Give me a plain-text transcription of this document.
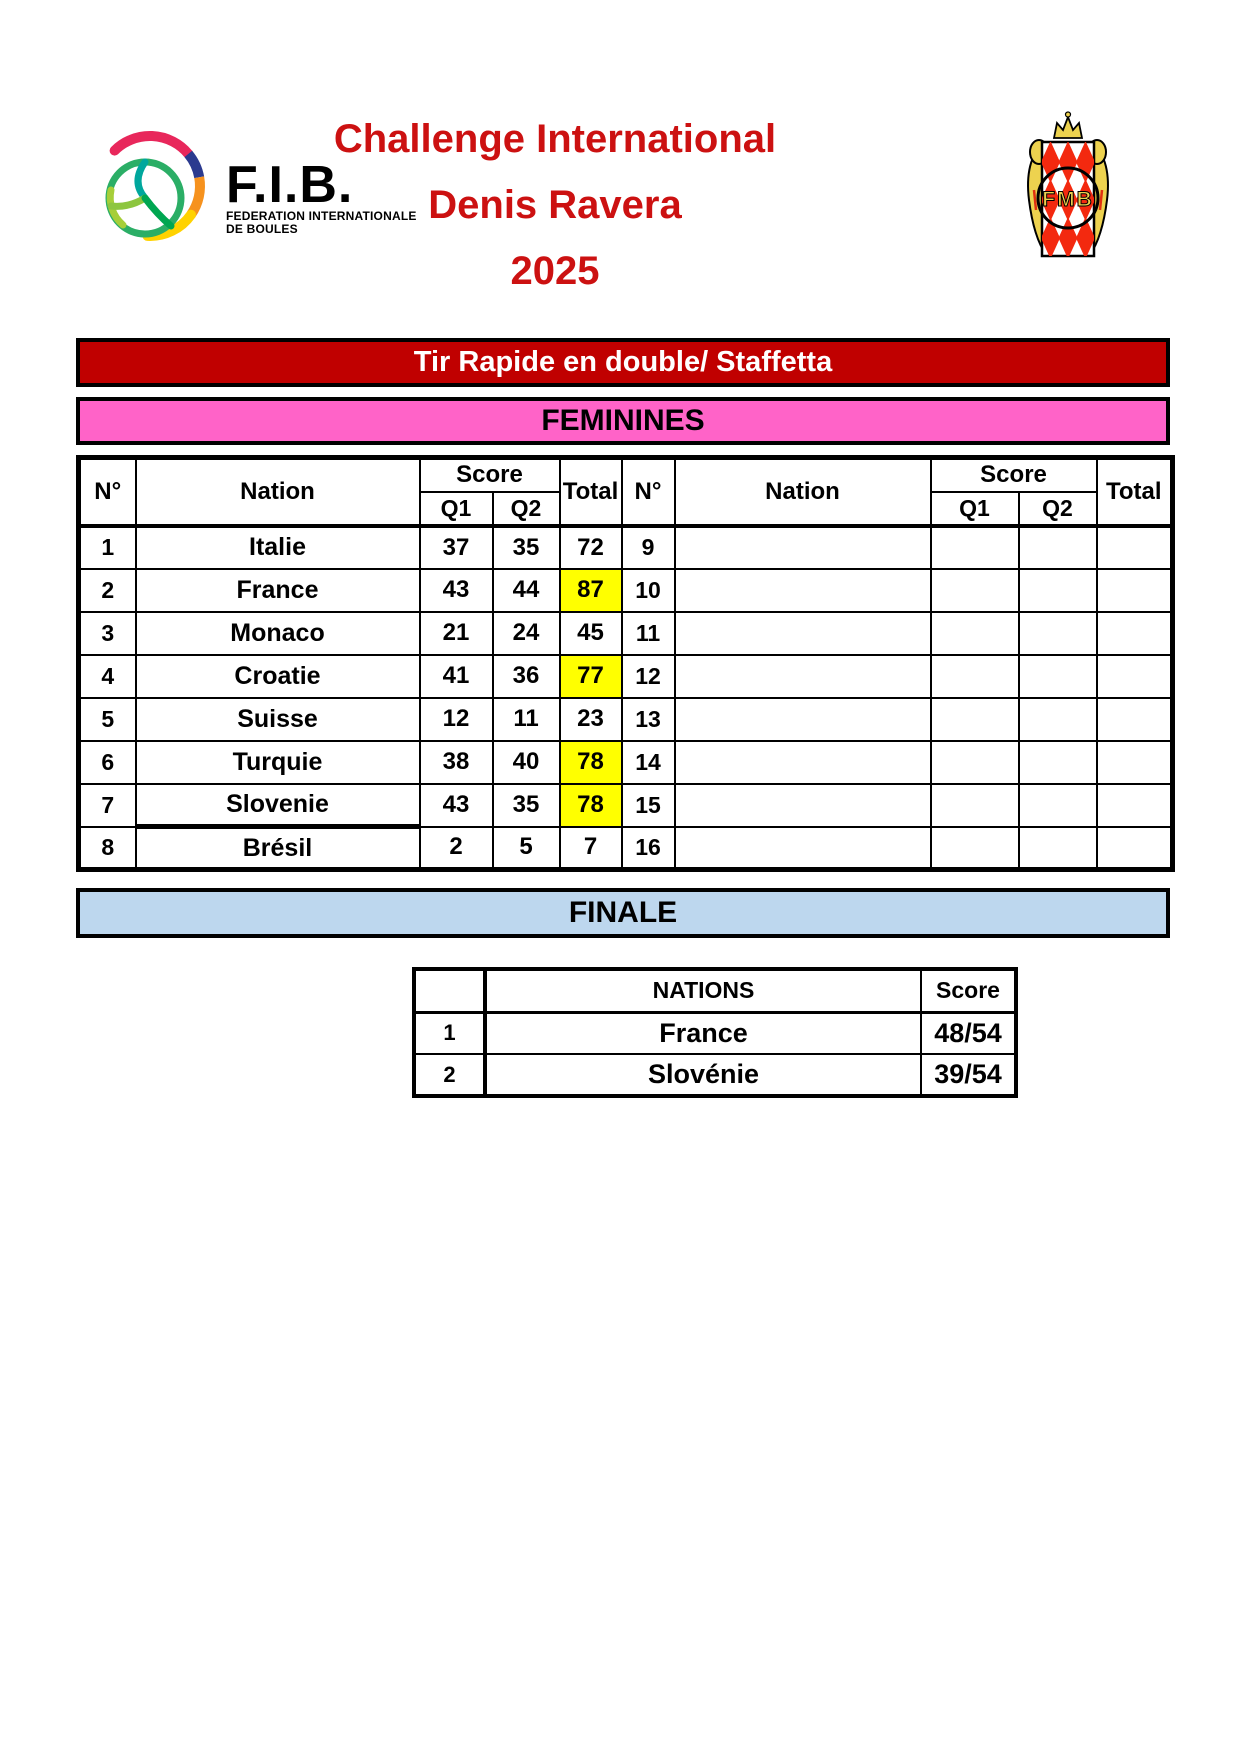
F.I.B.
FEDERATION INTERNATIONALE
DE BOULES
Challenge International
Denis Ravera
2025
FMB
Tir Rapide en double/ Staffetta
FEMININES
N°	Nation	Score		Total	N°	Nation	Score		Total
		Q1	Q2				Q1	Q2	
1	Italie	37	35	72	9				
2	France	43	44	87	10				
3	Monaco	21	24	45	11				
4	Croatie	41	36	77	12				
5	Suisse	12	11	23	13				
6	Turquie	38	40	78	14				
7	Slovenie	43	35	78	15				
8	Brésil	2	5	7	16				
FINALE
	NATIONS	Score
1	France	48/54
2	Slovénie	39/54
